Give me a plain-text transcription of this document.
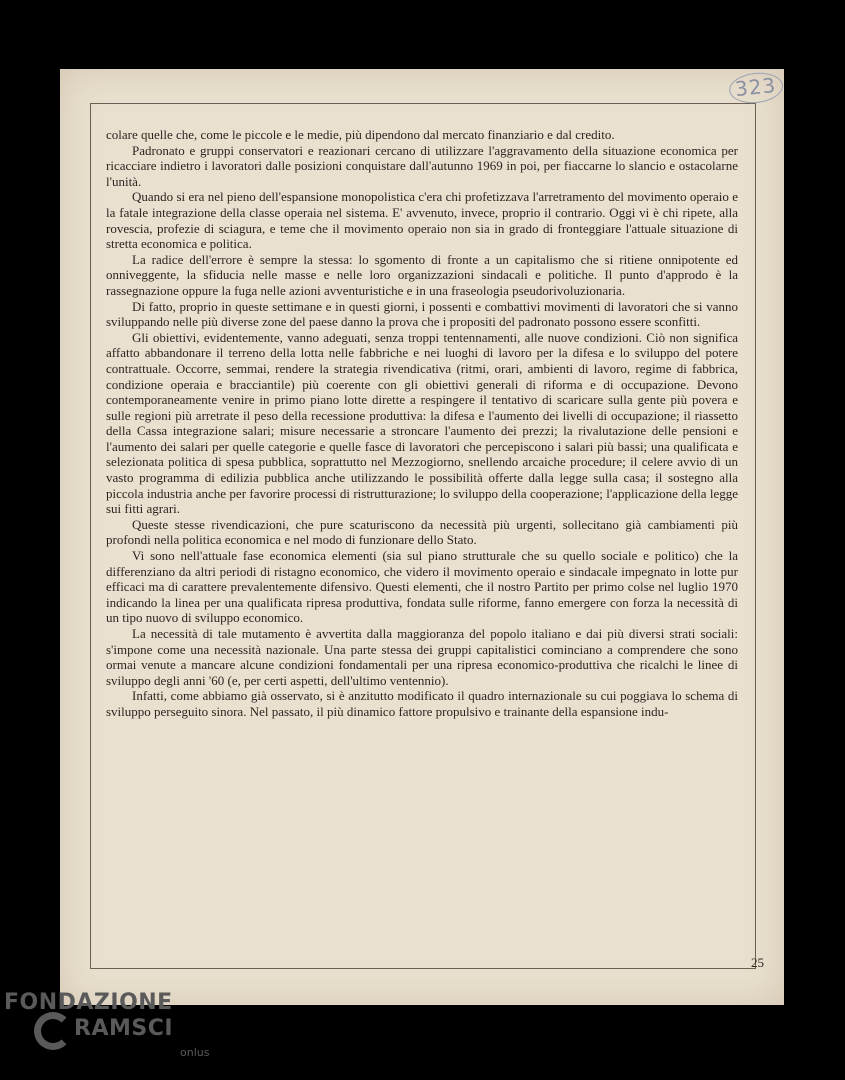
323

colare quelle che, come le piccole e le medie, più dipendono dal mercato finanziario e dal credito.

Padronato e gruppi conservatori e reazionari cercano di utilizzare l'aggravamento della situazione economica per ricacciare indietro i lavoratori dalle posizioni conquistare dall'autunno 1969 in poi, per fiaccarne lo slancio e ostacolarne l'unità.

Quando si era nel pieno dell'espansione monopolistica c'era chi profetizzava l'arretramento del movimento operaio e la fatale integrazione della classe operaia nel sistema. E' avvenuto, invece, proprio il contrario. Oggi vi è chi ripete, alla rovescia, profezie di sciagura, e teme che il movimento operaio non sia in grado di fronteggiare l'attuale situazione di stretta economica e politica.

La radice dell'errore è sempre la stessa: lo sgomento di fronte a un capitalismo che si ritiene onnipotente ed onniveggente, la sfiducia nelle masse e nelle loro organizzazioni sindacali e politiche. Il punto d'approdo è la rassegnazione oppure la fuga nelle azioni avventuristiche e in una fraseologia pseudorivoluzionaria.

Di fatto, proprio in queste settimane e in questi giorni, i possenti e combattivi movimenti di lavoratori che si vanno sviluppando nelle più diverse zone del paese danno la prova che i propositi del padronato possono essere sconfitti.

Gli obiettivi, evidentemente, vanno adeguati, senza troppi tentennamenti, alle nuove condizioni. Ciò non significa affatto abbandonare il terreno della lotta nelle fabbriche e nei luoghi di lavoro per la difesa e lo sviluppo del potere contrattuale. Occorre, semmai, rendere la strategia rivendicativa (ritmi, orari, ambienti di lavoro, regime di fabbrica, condizione operaia e bracciantile) più coerente con gli obiettivi generali di riforma e di occupazione. Devono contemporaneamente venire in primo piano lotte dirette a respingere il tentativo di scaricare sulla gente più povera e sulle regioni più arretrate il peso della recessione produttiva: la difesa e l'aumento dei livelli di occupazione; il riassetto della Cassa integrazione salari; misure necessarie a stroncare l'aumento dei prezzi; la rivalutazione delle pensioni e l'aumento dei salari per quelle categorie e quelle fasce di lavoratori che percepiscono i salari più bassi; una qualificata e selezionata politica di spesa pubblica, soprattutto nel Mezzogiorno, snellendo arcaiche procedure; il celere avvio di un vasto programma di edilizia pubblica anche utilizzando le possibilità offerte dalla legge sulla casa; il sostegno alla piccola industria anche per favorire processi di ristrutturazione; lo sviluppo della cooperazione; l'applicazione della legge sui fitti agrari.

Queste stesse rivendicazioni, che pure scaturiscono da necessità più urgenti, sollecitano già cambiamenti più profondi nella politica economica e nel modo di funzionare dello Stato.

Vi sono nell'attuale fase economica elementi (sia sul piano strutturale che su quello sociale e politico) che la differenziano da altri periodi di ristagno economico, che videro il movimento operaio e sindacale impegnato in lotte pur efficaci ma di carattere prevalentemente difensivo. Questi elementi, che il nostro Partito per primo colse nel luglio 1970 indicando la linea per una qualificata ripresa produttiva, fondata sulle riforme, fanno emergere con forza la necessità di un tipo nuovo di sviluppo economico.

La necessità di tale mutamento è avvertita dalla maggioranza del popolo italiano e dai più diversi strati sociali: s'impone come una necessità nazionale. Una parte stessa dei gruppi capitalistici cominciano a comprendere che sono ormai venute a mancare alcune condizioni fondamentali per una ripresa economico-produttiva che ricalchi le linee di sviluppo degli anni '60 (e, per certi aspetti, dell'ultimo ventennio).

Infatti, come abbiamo già osservato, si è anzitutto modificato il quadro internazionale su cui poggiava lo schema di sviluppo perseguito sinora. Nel passato, il più dinamico fattore propulsivo e trainante della espansione indu-

25
FONDAZIONE
RAMSCI
onlus
